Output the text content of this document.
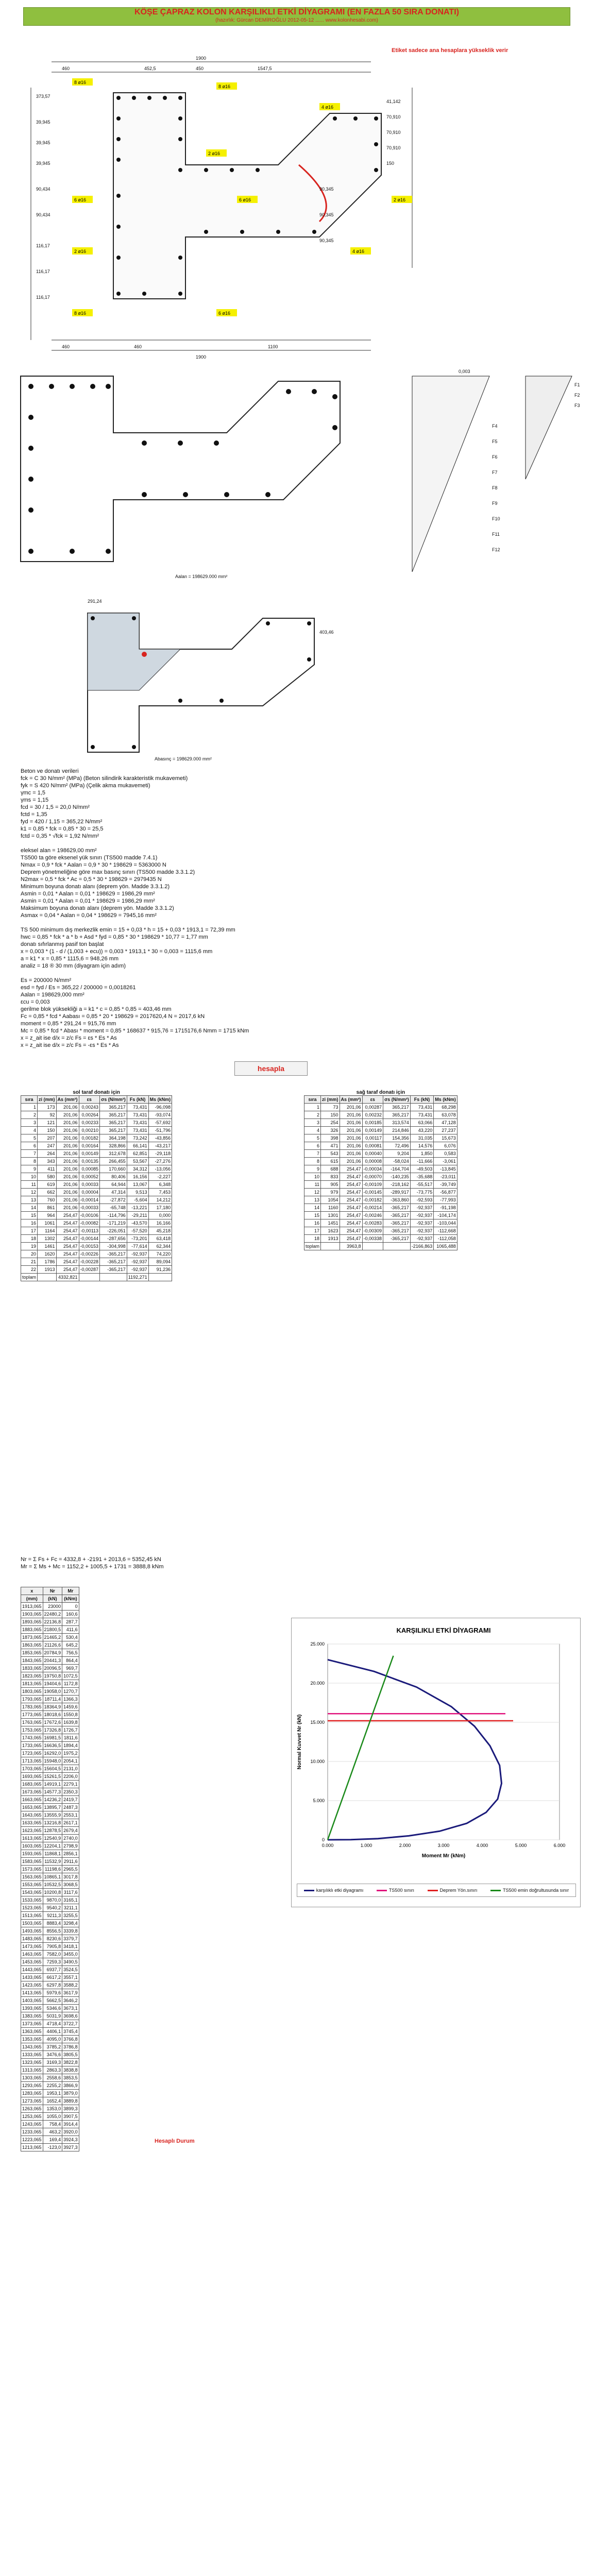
KÖŞE ÇAPRAZ KOLON KARŞILIKLI ETKİ DİYAGRAMI (EN FAZLA 50 SIRA DONATI)
(hazırlık: Gürcan DEMİROĞLU 2012-05-12 ...... www.kolonhesabi.com)
Etiket sadece ana hesaplara yükseklik verir
1900
460	1547,5
452,5	450
460	460	1100
1900
373,57
39,945
39,945
39,945
90,434
90,434
116,17
116,17
116,17
41,142
70,910
70,910
70,910
150
90,345
90,345
90,345
8 ø16
8 ø16
4 ø16
2 ø16
6 ø16	6 ø16	2 ø16
2 ø16	4 ø16
8 ø16	6 ø16
0,003
F1
F2
F3
F4
F5
F6
F7
F8
F9
F10
F11
F12
Aalan = 198629.000 mm²
291,24
403,46
Abasınç = 198629.000 mm²
Beton ve donatı verileri
fck = C 30 N/mm² (MPa) (Beton silindirik karakteristik mukavemeti)
fyk = S 420 N/mm² (MPa) (Çelik akma mukavemeti)
γmc = 1,5
γms = 1,15
fcd = 30 / 1,5 = 20,0 N/mm²
fctd = 1,35
fyd = 420 / 1,15 = 365,22 N/mm²
k1 = 0,85 * fck = 0,85 * 30 = 25,5
fctd = 0,35 * √fck = 1,92 N/mm²
eleksel alan = 198629,00 mm²
TS500 ta göre eksenel yük sınırı (TS500 madde 7.4.1)
Nmax = 0,9 * fck * Aalan = 0,9 * 30 * 198629 = 5363000 N
Deprem yönetmeliğine göre max basınç sınırı (TS500 madde 3.3.1.2)
N2max = 0,5 * fck * Ac = 0,5 * 30 * 198629 = 2979435 N
Minimum boyuna donatı alanı (deprem yön. Madde 3.3.1.2)
Asmin = 0,01 * Aalan = 0,01 * 198629 = 1986,29 mm²
Asmin = 0,01 * Aalan = 0,01 * 198629 = 1986,29 mm²
Maksimum boyuna donatı alanı (deprem yön. Madde 3.3.1.2)
Asmax = 0,04 * Aalan = 0,04 * 198629 = 7945,16 mm²
TS 500 minimum dış merkezlik emin = 15 + 0,03 * h = 15 + 0,03 * 1913,1 = 72,39 mm
hwc = 0,85 * fck * a * b + Asd * fyd = 0,85 * 30 * 198629 * 10,77 = 1,77 mm
donatı sıfırlanmış pasif ton başlat
x = 0,003 * (1 - d / (1,003 + ecu)) = 0,003 * 1913,1 * 30 = 0,003 = 1115,6 mm
a = k1 * x = 0,85 * 1115,6 = 948,26 mm
analiz = 18 ® 30 mm (diyagram için adım)
Es = 200000 N/mm²
esd = fyd / Es = 365,22 / 200000 = 0,0018261
Aalan = 198629,000 mm²
εcu = 0,003
gerilme blok yüksekliği a = k1 * c = 0,85 * 0,85 = 403,46 mm
Fc = 0,85 * fcd * Aabası = 0,85 * 20 * 198629 = 2017620,4 N = 2017,6 kN
moment = 0,85 * 291,24 = 915,76 mm
Mc = 0,85 * fcd * Abası * moment = 0,85 * 168637 * 915,76 = 1715176,6 Nmm = 1715 kNm
x = z_ait ise d/x = z/c Fs = εs * Es * As
x = z_ait ise d/x = z/c Fs = -εs * Es * As
hesapla
sol taraf donatı için
sıra	zi (mm)	As (mm²)	εs	σs (N/mm²)	Fs (kN)	Ms (kNm)
1	173	201,06	0,00243	365,217	73,431	-96,098
2	92	201,06	0,00264	365,217	73,431	-93,074
3	121	201,06	0,00233	365,217	73,431	-57,692
4	150	201,06	0,00210	365,217	73,431	-51,796
5	207	201,06	0,00182	364,198	73,242	-43,856
6	247	201,06	0,00164	328,866	66,141	-43,217
7	264	201,06	0,00149	312,678	62,851	-29,118
8	343	201,06	0,00135	266,455	53,567	-27,276
9	411	201,06	0,00085	170,660	34,312	-13,056
10	580	201,06	0,00052	80,406	16,156	-2,227
11	619	201,06	0,00033	64,944	13,067	6,348
12	662	201,06	0,00004	47,314	9,513	7,453
13	760	201,06	-0,00014	-27,872	-5,604	14,212
14	861	201,06	-0,00033	-65,748	-13,221	17,180
15	964	254,47	-0,00106	-114,796	-29,211	0,000
16	1061	254,47	-0,00082	-171,219	-43,570	16,166
17	1164	254,47	-0,00113	-226,051	-57,520	45,218
18	1302	254,47	-0,00144	-287,656	-73,201	63,418
19	1461	254,47	-0,00153	-304,998	-77,614	62,344
20	1620	254,47	-0,00226	-365,217	-92,937	74,220
21	1786	254,47	-0,00228	-365,217	-92,937	89,094
22	1913	254,47	-0,00287	-365,217	-92,937	91,236
toplam		4332,821			1192,271	
sağ taraf donatı için
sıra	zi (mm)	As (mm²)	εs	σs (N/mm²)	Fs (kN)	Ms (kNm)
1	73	201,06	0,00287	365,217	73,431	68,298
2	150	201,06	0,00232	365,217	73,431	63,078
3	254	201,06	0,00185	313,574	63,066	47,128
4	326	201,06	0,00149	214,846	43,220	27,237
5	398	201,06	0,00117	154,356	31,035	15,673
6	471	201,06	0,00081	72,496	14,576	6,076
7	543	201,06	0,00040	9,204	1,850	0,583
8	615	201,06	0,00008	-58,024	-11,666	-3,061
9	688	254,47	-0,00034	-164,704	-49,503	-13,845
10	833	254,47	-0,00070	-140,235	-35,688	-23,011
11	905	254,47	-0,00109	-218,162	-55,517	-39,749
12	979	254,47	-0,00145	-289,917	-73,775	-56,877
13	1054	254,47	-0,00182	-363,860	-92,593	-77,993
14	1160	254,47	-0,00214	-365,217	-92,937	-91,198
15	1301	254,47	-0,00246	-365,217	-92,937	-104,174
16	1451	254,47	-0,00283	-365,217	-92,937	-103,044
17	1623	254,47	-0,00309	-365,217	-92,937	-112,668
18	1913	254,47	-0,00338	-365,217	-92,937	-112,058
toplam		3963,8			-2166,863	1065,488
Nr = Σ Fs + Fc = 4332,8 + -2191 + 2013,6 = 5352,45 kN
Mr = Σ Ms + Mc = 1152,2 + 1005,5 + 1731 = 3888,8 kNm
x	Nr	Mr
(mm)	(kN)	(kNm)
1913,065	23000	0
1903,065	22480,2	160,6
1893,065	22136,8	287,7
1883,065	21800,5	411,6
1873,065	21465,2	530,4
1863,065	21126,6	645,2
1853,065	20784,9	756,5
1843,065	20441,3	864,4
1833,065	20096,5	969,7
1823,065	19750,8	1072,5
1813,065	19404,6	1172,8
1803,065	19058,0	1270,7
1793,065	18711,4	1366,3
1783,065	18364,9	1459,6
1773,065	18018,6	1550,8
1763,065	17672,6	1639,8
1753,065	17326,8	1726,7
1743,065	16981,5	1811,6
1733,065	16636,5	1894,4
1723,065	16292,0	1975,2
1713,065	15948,0	2054,1
1703,065	15604,5	2131,0
1693,065	15261,5	2206,0
1683,065	14919,1	2279,1
1673,065	14577,3	2350,3
1663,065	14236,2	2419,7
1653,065	13895,7	2487,3
1643,065	13555,9	2553,1
1633,065	13216,8	2617,1
1623,065	12878,5	2679,4
1613,065	12540,9	2740,0
1603,065	12204,1	2798,9
1593,065	11868,1	2856,1
1583,065	11532,9	2911,6
1573,065	11198,6	2965,5
1563,065	10865,1	3017,8
1553,065	10532,5	3068,5
1543,065	10200,8	3117,6
1533,065	9870,0	3165,1
1523,065	9540,2	3211,1
1513,065	9211,3	3255,5
1503,065	8883,4	3298,4
1493,065	8556,5	3339,8
1483,065	8230,6	3379,7
1473,065	7905,8	3418,1
1463,065	7582,0	3455,0
1453,065	7259,3	3490,5
1443,065	6937,7	3524,5
1433,065	6617,2	3557,1
1423,065	6297,8	3588,2
1413,065	5979,6	3617,9
1403,065	5662,5	3646,2
1393,065	5346,6	3673,1
1383,065	5031,9	3698,6
1373,065	4718,4	3722,7
1363,065	4406,1	3745,4
1353,065	4095,0	3766,8
1343,065	3785,2	3786,8
1333,065	3476,6	3805,5
1323,065	3169,3	3822,8
1313,065	2863,3	3838,8
1303,065	2558,6	3853,5
1293,065	2255,2	3866,9
1283,065	1953,1	3879,0
1273,065	1652,4	3889,8
1263,065	1353,0	3899,3
1253,065	1055,0	3907,5
1243,065	758,4	3914,4
1233,065	463,2	3920,0
1223,065	169,4	3924,3
1213,065	-123,0	3927,3
Hesaplı Durum
KARŞILIKLI ETKİ DİYAGRAMI
0
5.000
10.000
15.000
20.000
25.000
0.000	1.000	2.000	3.000	4.000	5.000	6.000
Moment Mr (kNm)
Normal Kuvvet Nr (kN)
karşılıklı etki diyagramı	TS500 sınırı	Deprem Yön.sınırı	TS500 emin doğrultusunda sınır
